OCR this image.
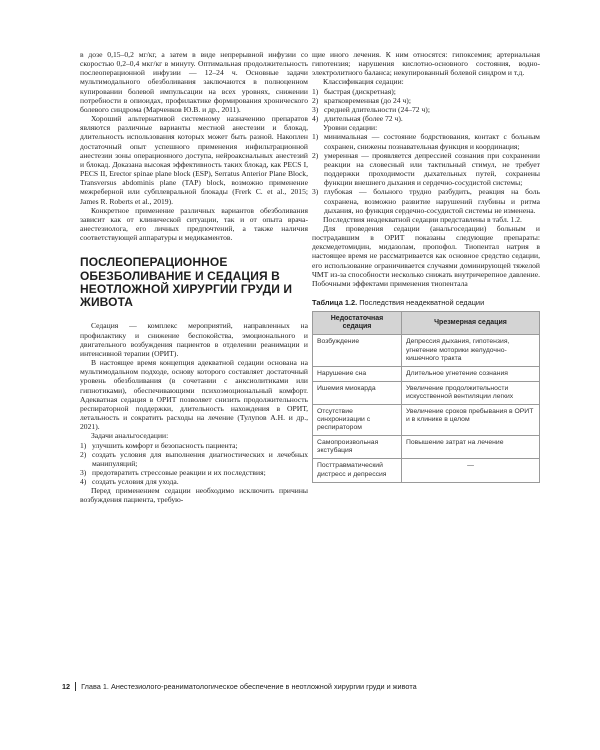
в дозе 0,15–0,2 мг/кг, а затем в виде непрерывной инфузии со скоростью 0,2–0,4 мкг/кг в минуту. Оптимальная продолжительность послеоперационной инфузии — 12–24 ч. Основные задачи мультимодального обезболивания заключаются в полноценном купировании болевой импульсации на всех уровнях, снижении потребности в опиоидах, профилактике формирования хронического болевого синдрома (Марченков Ю.В. и др., 2011).

Хороший альтернативой системному назначению препаратов являются различные варианты местной анестезии и блокад, длительность использования которых может быть разной. Накоплен достаточный опыт успешного применения инфильтрационной анестезии зоны операционного доступа, нейроаксиальных анестезий и блокад. Доказана высокая эффективность таких блокад, как PECS I, PECS II, Erector spinae plane block (ESP), Serratus Anterior Plane Block, Transversus abdominis plane (TAP) block, возможно применение межреберной или субплевральной блокады (Frerk C. et al., 2015; James R. Roberts et al., 2019).

Конкретное применение различных вариантов обезболивания зависит как от клинической ситуации, так и от опыта врача-анестезиолога, его личных предпочтений, а также наличия соответствующей аппаратуры и медикаментов.

ПОСЛЕОПЕРАЦИОННОЕ ОБЕЗБОЛИВАНИЕ И СЕДАЦИЯ В НЕОТЛОЖНОЙ ХИРУРГИИ ГРУДИ И ЖИВОТА

Седация — комплекс мероприятий, направленных на профилактику и снижение беспокойства, эмоционального и двигательного возбуждения пациентов в отделении реанимации и интенсивной терапии (ОРИТ).

В настоящее время концепция адекватной седации основана на мультимодальном подходе, основу которого составляет достаточный уровень обезболивания (в сочетании с анксиолитиками или гипнотиками), обеспечивающими психоэмоциональный комфорт. Адекватная седация в ОРИТ позволяет снизить продолжительность респираторной поддержки, длительность нахождения в ОРИТ, летальность и сократить расходы на лечение (Тулупов А.Н. и др., 2021).

Задачи анальгоседации:

1) улучшить комфорт и безопасность пациента;
2) создать условия для выполнения диагностических и лечебных манипуляций;
3) предотвратить стрессовые реакции и их последствия;
4) создать условия для ухода.

Перед применением седации необходимо исключить причины возбуждения пациента, требую-

щие иного лечения. К ним относятся: гипоксемия; артериальная гипотензия; нарушения кислотно-основного состояния, водно-электролитного баланса; некупированный болевой синдром и т.д.

Классификация седации:

1) быстрая (дискретная);
2) кратковременная (до 24 ч);
3) средней длительности (24–72 ч);
4) длительная (более 72 ч).

Уровни седации:

1) минимальная — состояние бодрствования, контакт с больным сохранен, снижены познавательная функция и координация;
2) умеренная — проявляется депрессией сознания при сохранении реакции на словесный или тактильный стимул, не требует поддержки проходимости дыхательных путей, сохранены функции внешнего дыхания и сердечно-сосудистой системы;
3) глубокая — больного трудно разбудить, реакция на боль сохранена, возможно развитие нарушений глубины и ритма дыхания, но функция сердечно-сосудистой системы не изменена.

Последствия неадекватной седации представлены в табл. 1.2.

Для проведения седации (анальгоседации) больным и пострадавшим в ОРИТ показаны следующие препараты: дексмедетомидин, мидазолам, пропофол. Тиопентал натрия в настоящее время не рассматривается как основное средство седации, его использование ограничивается случаями доминирующей тяжелой ЧМТ из-за способности несколько снижать внутричерепное давление. Побочными эффектами применения тиопентала

Таблица 1.2. Последствия неадекватной седации
Недостаточная седация	Чрезмерная седация
Возбуждение	Депрессия дыхания, гипотензия, угнетение моторики желудочно-кишечного тракта
Нарушение сна	Длительное угнетение сознания
Ишемия миокарда	Увеличение продолжительности искусственной вентиляции легких
Отсутствие синхронизации с респиратором	Увеличение сроков пребывания в ОРИТ и в клинике в целом
Самопроизвольная экстубация	Повышение затрат на лечение
Посттравматический дистресс и депрессия	—
12	Глава 1. Анестезиолого-реаниматологическое обеспечение в неотложной хирургии груди и живота
